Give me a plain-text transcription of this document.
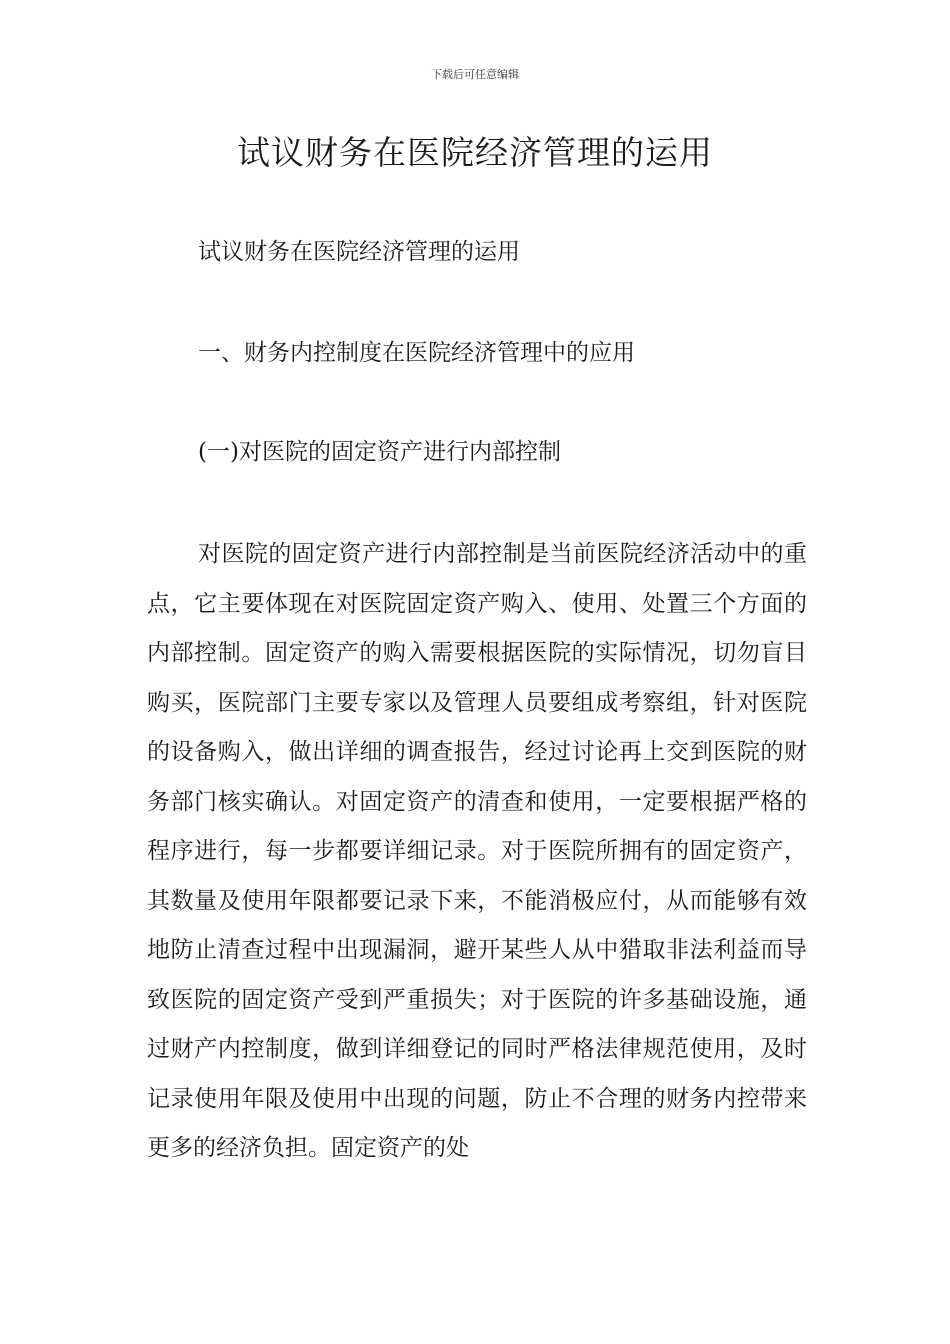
下载后可任意编辑
试议财务在医院经济管理的运用
试议财务在医院经济管理的运用
一、财务内控制度在医院经济管理中的应用
(一)对医院的固定资产进行内部控制

对医院的固定资产进行内部控制是当前医院经济活动中的重点，它主要体现在对医院固定资产购入、使用、处置三个方面的内部控制。固定资产的购入需要根据医院的实际情况，切勿盲目购买，医院部门主要专家以及管理人员要组成考察组，针对医院的设备购入，做出详细的调查报告，经过讨论再上交到医院的财务部门核实确认。对固定资产的清查和使用，一定要根据严格的程序进行，每一步都要详细记录。对于医院所拥有的固定资产，其数量及使用年限都要记录下来，不能消极应付，从而能够有效地防止清查过程中出现漏洞，避开某些人从中猎取非法利益而导致医院的固定资产受到严重损失；对于医院的许多基础设施，通过财产内控制度，做到详细登记的同时严格法律规范使用，及时记录使用年限及使用中出现的问题，防止不合理的财务内控带来更多的经济负担。固定资产的处
